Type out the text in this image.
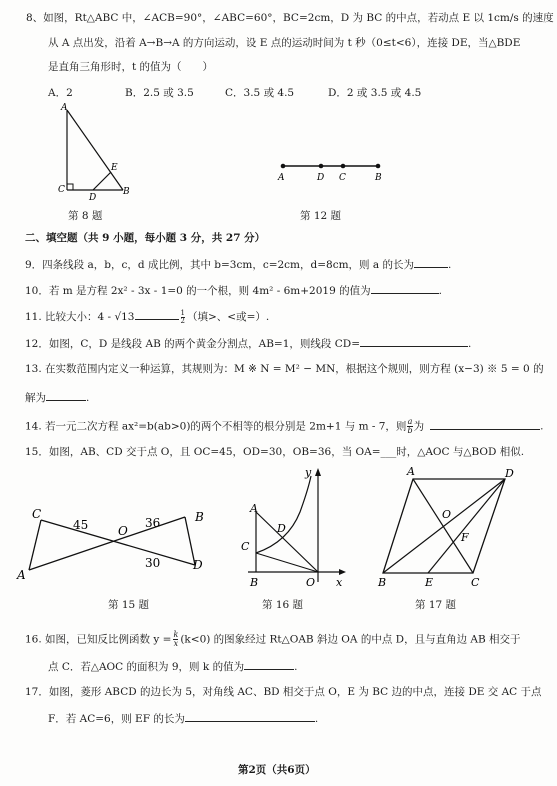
8、如图，Rt△ABC 中，∠ACB=90°，∠ABC=60°，BC=2cm，D 为 BC 的中点，若动点 E 以 1cm/s 的速度
从 A 点出发，沿着 A→B→A 的方向运动，设 E 点的运动时间为 t 秒（0≤t<6），连接 DE，当△BDE
是直角三角形时，t 的值为（　　）
A．2	B．2.5 或 3.5	C．3.5 或 4.5	D．2 或 3.5 或 4.5
A
E
C
D
B
第 8 题
A	D C	B
第 12 题
二、填空题（共 9 小题，每小题 3 分，共 27 分）
9．四条线段 a，b，c，d 成比例，其中 b=3cm，c=2cm，d=8cm，则 a 的长为	.
10．若 m 是方程 2x² - 3x - 1=0 的一个根，则 4m² - 6m+2019 的值为	.
11. 比较大小：4 - √13	$\frac{1}{2}$ （填>、<或=）.
12．如图，C，D 是线段 AB 的两个黄金分割点，AB=1，则线段 CD=	.
13. 在实数范围内定义一种运算，其规则为：M ※ N = M² − MN，根据这个规则，则方程 (x−3) ※ 5 = 0 的
解为	.
14. 若一元二次方程 ax²=b(ab>0)的两个不相等的根分别是 2m+1 与 m - 7，则 $\frac{a}{b}$ 为	.
15．如图，AB、CD 交于点 O，且 OC=45，OD=30，OB=36，当 OA=___时，△AOC 与△BOD 相似.
C
45 O
36	B
A
30	D
第 15 题
y
A
D
C
B	O x
第 16 题
A	D
O
F
B	E	C
第 17 题
16. 如图，已知反比例函数 $y = \frac{k}{x} (k<0)$ 的图象经过 Rt△OAB 斜边 OA 的中点 D，且与直角边 AB 相交于
点 C．若△AOC 的面积为 9，则 k 的值为	.
17．如图，菱形 ABCD 的边长为 5，对角线 AC、BD 相交于点 O，E 为 BC 边的中点，连接 DE 交 AC 于点
F．若 AC=6，则 EF 的长为	.
第2页（共6页）
